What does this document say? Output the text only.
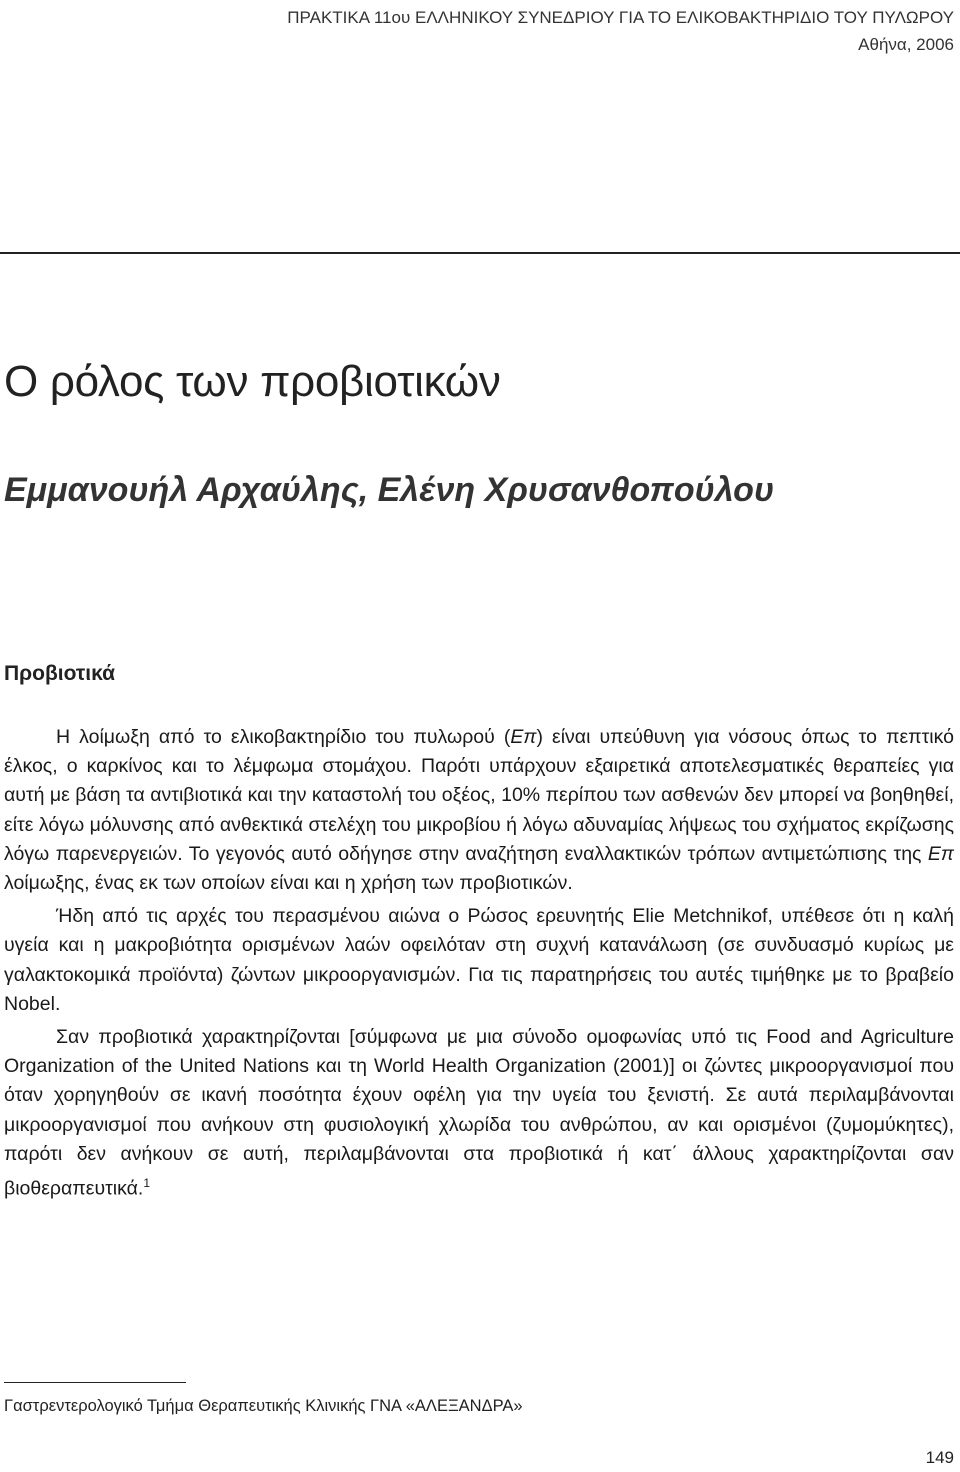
ΠΡΑΚΤΙΚΑ 11ου ΕΛΛΗΝΙΚΟΥ ΣΥΝΕΔΡΙΟΥ ΓΙΑ ΤΟ ΕΛΙΚΟΒΑΚΤΗΡΙΔΙΟ ΤΟΥ ΠΥΛΩΡΟΥ
Αθήνα, 2006
Ο ρόλος των προβιοτικών
Εμμανουήλ Αρχαύλης, Ελένη Χρυσανθοπούλου
Προβιοτικά

Η λοίμωξη από το ελικοβακτηρίδιο του πυλωρού (Επ) είναι υπεύθυνη για νόσους όπως το πεπτικό έλκος, ο καρκίνος και το λέμφωμα στομάχου. Παρότι υπάρχουν εξαιρετικά αποτελεσματικές θεραπείες για αυτή με βάση τα αντιβιοτικά και την καταστολή του οξέος, 10% περίπου των ασθενών δεν μπορεί να βοηθηθεί, είτε λόγω μόλυνσης από ανθεκτικά στελέχη του μικροβίου ή λόγω αδυναμίας λήψεως του σχήματος εκρίζωσης λόγω παρενεργειών. Το γεγονός αυτό οδήγησε στην αναζήτηση εναλλακτικών τρόπων αντιμετώπισης της Επ λοίμωξης, ένας εκ των οποίων είναι και η χρήση των προβιοτικών.

Ήδη από τις αρχές του περασμένου αιώνα ο Ρώσος ερευνητής Elie Metchnikof, υπέθεσε ότι η καλή υγεία και η μακροβιότητα ορισμένων λαών οφειλόταν στη συχνή κατανάλωση (σε συνδυασμό κυρίως με γαλακτοκομικά προϊόντα) ζώντων μικροοργανισμών. Για τις παρατηρήσεις του αυτές τιμήθηκε με το βραβείο Nobel.

Σαν προβιοτικά χαρακτηρίζονται [σύμφωνα με μια σύνοδο ομοφωνίας υπό τις Food and Agriculture Organization of the United Nations και τη World Health Organization (2001)] οι ζώντες μικροοργανισμοί που όταν χορηγηθούν σε ικανή ποσότητα έχουν οφέλη για την υγεία του ξενιστή. Σε αυτά περιλαμβάνονται μικροοργανισμοί που ανήκουν στη φυσιολογική χλωρίδα του ανθρώπου, αν και ορισμένοι (ζυμομύκητες), παρότι δεν ανήκουν σε αυτή, περιλαμβάνονται στα προβιοτικά ή κατ΄ άλλους χαρακτηρίζονται σαν βιοθεραπευτικά.$^1$

Γαστρεντερολογικό Τμήμα Θεραπευτικής Κλινικής ΓΝΑ «ΑΛΕΞΑΝΔΡΑ»
149
